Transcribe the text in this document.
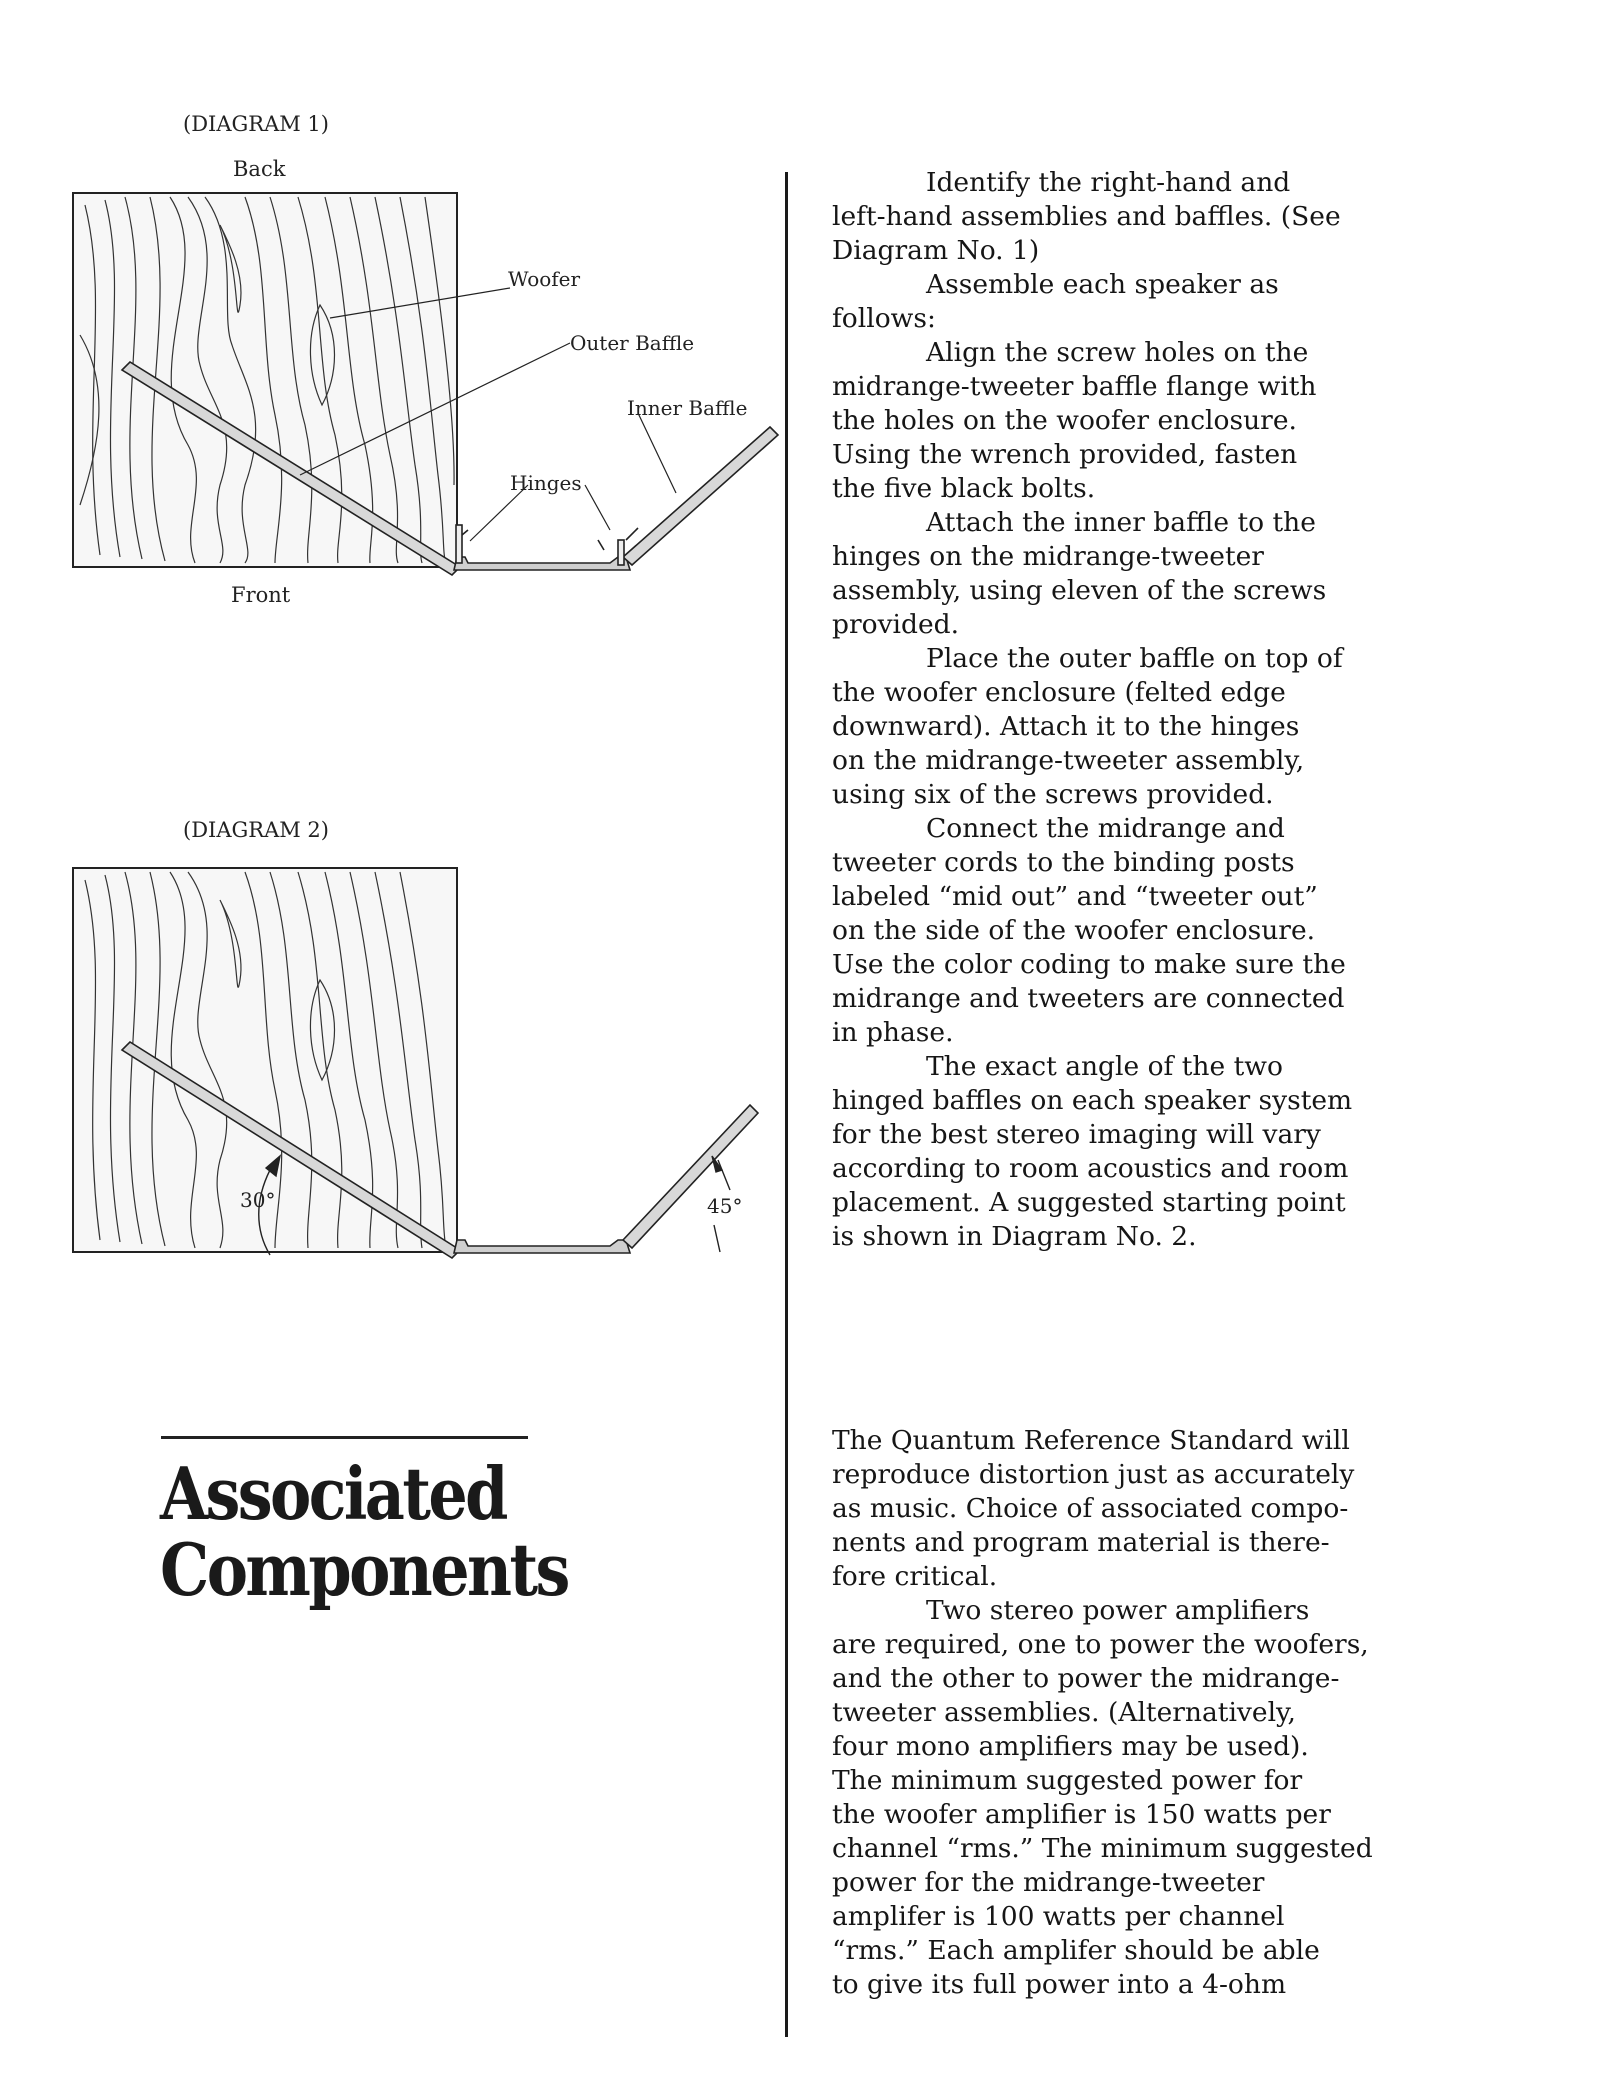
(DIAGRAM 1)
Back
Woofer
Outer Baffle
Inner Baffle
Hinges
Front
(DIAGRAM 2)
30°	45°
Identify the right-hand and
left-hand assemblies and baffles. (See
Diagram No. 1)
Assemble each speaker as
follows:
Align the screw holes on the
midrange-tweeter baffle flange with
the holes on the woofer enclosure.
Using the wrench provided, fasten
the five black bolts.
Attach the inner baffle to the
hinges on the midrange-tweeter
assembly, using eleven of the screws
provided.
Place the outer baffle on top of
the woofer enclosure (felted edge
downward). Attach it to the hinges
on the midrange-tweeter assembly,
using six of the screws provided.
Connect the midrange and
tweeter cords to the binding posts
labeled “mid out” and “tweeter out”
on the side of the woofer enclosure.
Use the color coding to make sure the
midrange and tweeters are connected
in phase.
The exact angle of the two
hinged baffles on each speaker system
for the best stereo imaging will vary
according to room acoustics and room
placement. A suggested starting point
is shown in Diagram No. 2.
Associated
Components
The Quantum Reference Standard will
reproduce distortion just as accurately
as music. Choice of associated compo-
nents and program material is there-
fore critical.
Two stereo power amplifiers
are required, one to power the woofers,
and the other to power the midrange-
tweeter assemblies. (Alternatively,
four mono amplifiers may be used).
The minimum suggested power for
the woofer amplifier is 150 watts per
channel “rms.” The minimum suggested
power for the midrange-tweeter
amplifer is 100 watts per channel
“rms.” Each amplifer should be able
to give its full power into a 4-ohm
